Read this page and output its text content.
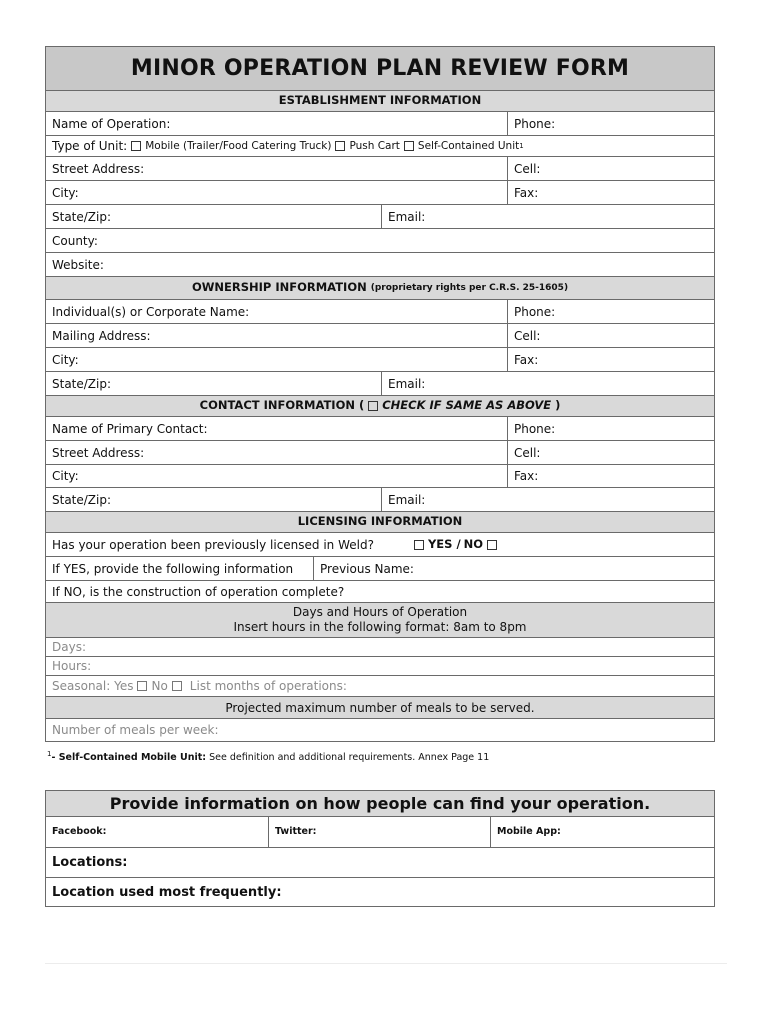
MINOR OPERATION PLAN REVIEW FORM
ESTABLISHMENT INFORMATION
Name of Operation:	Phone:
Type of Unit: Mobile (Trailer/Food Catering Truck) Push Cart Self-Contained Unit 1
Street Address:	Cell:
City:	Fax:
State/Zip:	Email:
County:
Website:
OWNERSHIP INFORMATION (proprietary rights per C.R.S. 25-1605)
Individual(s) or Corporate Name:	Phone:
Mailing Address:	Cell:
City:	Fax:
State/Zip:	Email:
CONTACT INFORMATION ( CHECK IF SAME AS ABOVE )
Name of Primary Contact:	Phone:
Street Address:	Cell:
City:	Fax:
State/Zip:	Email:
LICENSING INFORMATION
Has your operation been previously licensed in Weld?	YES / NO
If YES, provide the following information	Previous Name:
If NO, is the construction of operation complete?
Days and Hours of Operation
Insert hours in the following format: 8am to 8pm
Days:
Hours:
Seasonal: Yes No List months of operations:
Projected maximum number of meals to be served.
Number of meals per week:
$^1$- Self-Contained Mobile Unit: See definition and additional requirements. Annex Page 11
Provide information on how people can find your operation.
Facebook:	Twitter:	Mobile App:
Locations:
Location used most frequently:
